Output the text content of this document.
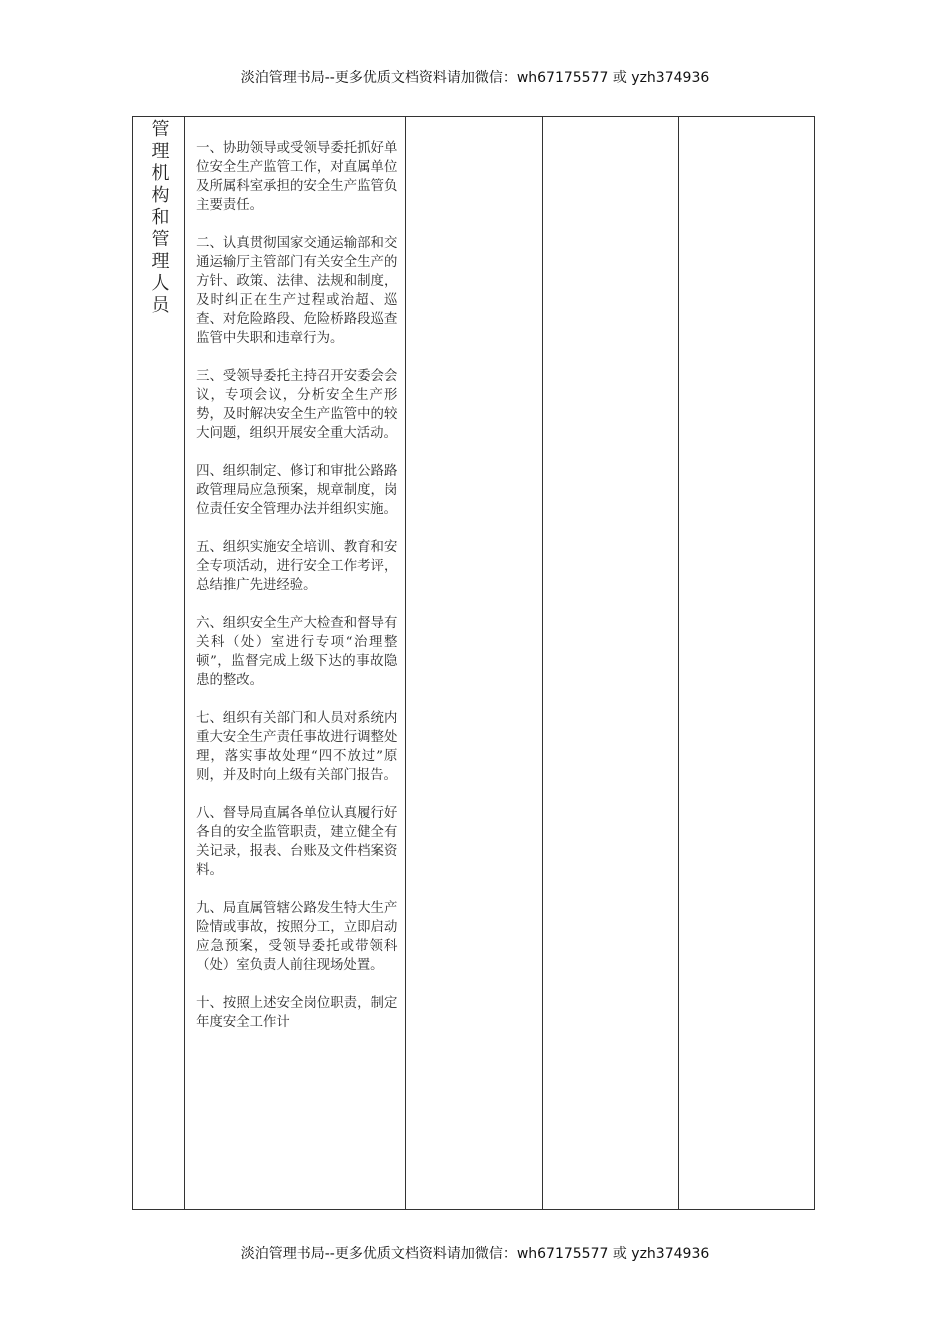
淡泊管理书局--更多优质文档资料请加微信：wh67175577 或 yzh374936
管理机构和管理人员	一、协助领导或受领导委托抓好单位安全生产监管工作，对直属单位及所属科室承担的安全生产监管负主要责任。

二、认真贯彻国家交通运输部和交通运输厅主管部门有关安全生产的方针、政策、法律、法规和制度，及时纠正在生产过程或治超、巡查、对危险路段、危险桥路段巡查监管中失职和违章行为。

三、受领导委托主持召开安委会会议，专项会议，分析安全生产形势，及时解决安全生产监管中的较大问题，组织开展安全重大活动。

四、组织制定、修订和审批公路路政管理局应急预案，规章制度，岗位责任安全管理办法并组织实施。

五、组织实施安全培训、教育和安全专项活动，进行安全工作考评，总结推广先进经验。

六、组织安全生产大检查和督导有关科（处）室进行专项“治理整顿”，监督完成上级下达的事故隐患的整改。

七、组织有关部门和人员对系统内重大安全生产责任事故进行调整处理，落实事故处理“四不放过”原则，并及时向上级有关部门报告。

八、督导局直属各单位认真履行好各自的安全监管职责，建立健全有关记录，报表、台账及文件档案资料。

九、局直属管辖公路发生特大生产险情或事故，按照分工，立即启动应急预案，受领导委托或带领科（处）室负责人前往现场处置。

十、按照上述安全岗位职责，制定年度安全工作计

淡泊管理书局--更多优质文档资料请加微信：wh67175577 或 yzh374936
